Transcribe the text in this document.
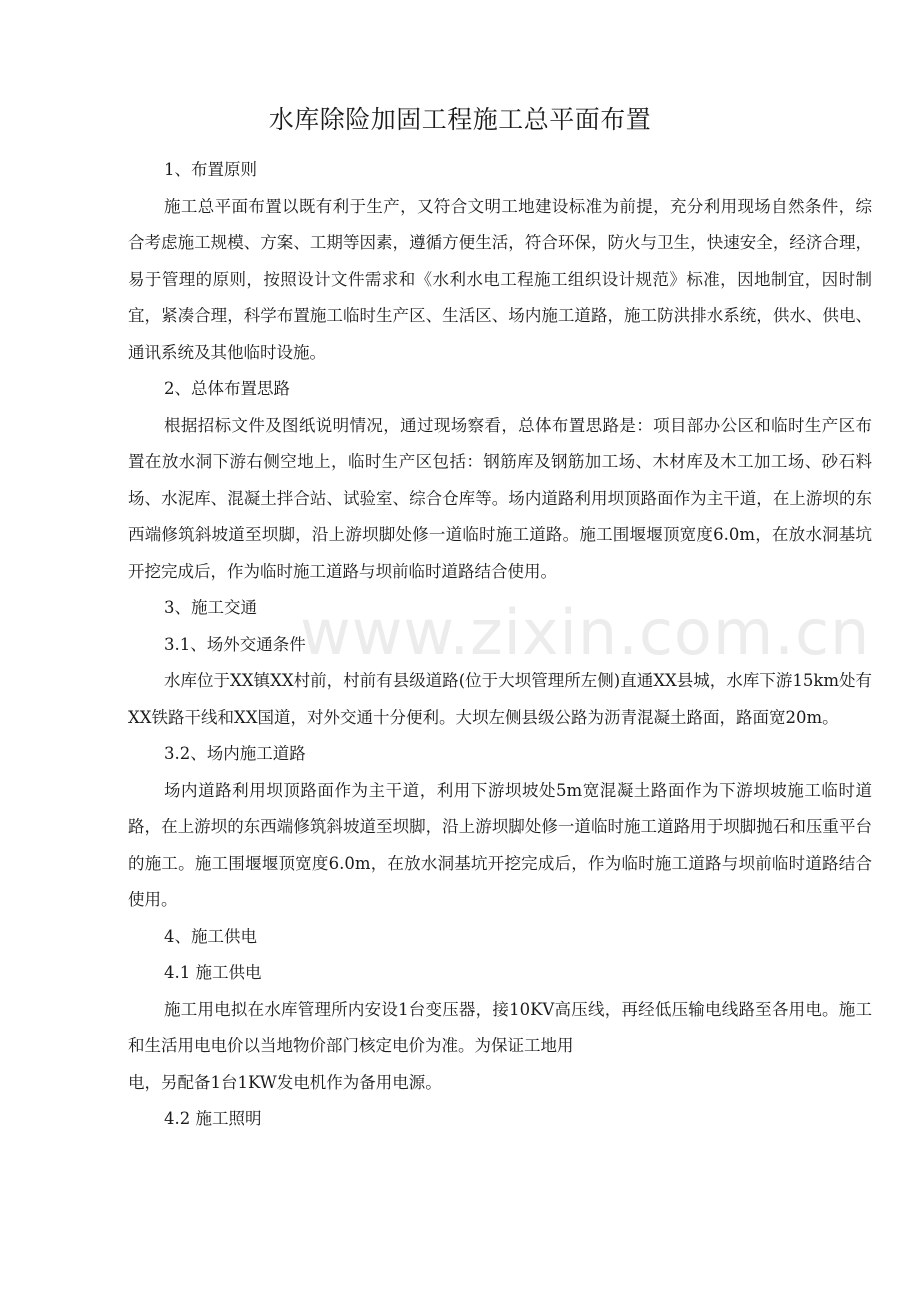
水库除险加固工程施工总平面布置

1、布置原则

施工总平面布置以既有利于生产，又符合文明工地建设标准为前提，充分利用现场自然条件，综合考虑施工规模、方案、工期等因素，遵循方便生活，符合环保，防火与卫生，快速安全，经济合理，易于管理的原则，按照设计文件需求和《水利水电工程施工组织设计规范》标准，因地制宜，因时制宜，紧凑合理，科学布置施工临时生产区、生活区、场内施工道路，施工防洪排水系统，供水、供电、通讯系统及其他临时设施。

2、总体布置思路

根据招标文件及图纸说明情况，通过现场察看，总体布置思路是：项目部办公区和临时生产区布置在放水洞下游右侧空地上，临时生产区包括：钢筋库及钢筋加工场、木材库及木工加工场、砂石料场、水泥库、混凝土拌合站、试验室、综合仓库等。场内道路利用坝顶路面作为主干道，在上游坝的东西端修筑斜坡道至坝脚，沿上游坝脚处修一道临时施工道路。施工围堰堰顶宽度6.0m，在放水洞基坑开挖完成后，作为临时施工道路与坝前临时道路结合使用。

3、施工交通

3.1、场外交通条件

水库位于XX镇XX村前，村前有县级道路(位于大坝管理所左侧)直通XX县城，水库下游15km处有XX铁路干线和XX国道，对外交通十分便利。大坝左侧县级公路为沥青混凝土路面，路面宽20m。

3.2、场内施工道路

场内道路利用坝顶路面作为主干道，利用下游坝坡处5m宽混凝土路面作为下游坝坡施工临时道路，在上游坝的东西端修筑斜坡道至坝脚，沿上游坝脚处修一道临时施工道路用于坝脚抛石和压重平台的施工。施工围堰堰顶宽度6.0m，在放水洞基坑开挖完成后，作为临时施工道路与坝前临时道路结合使用。

4、施工供电

4.1 施工供电

施工用电拟在水库管理所内安设1台变压器，接10KV高压线，再经低压输电线路至各用电。施工和生活用电电价以当地物价部门核定电价为准。为保证工地用

电，另配备1台1KW发电机作为备用电源。

4.2 施工照明

www.zixin.com.cn
